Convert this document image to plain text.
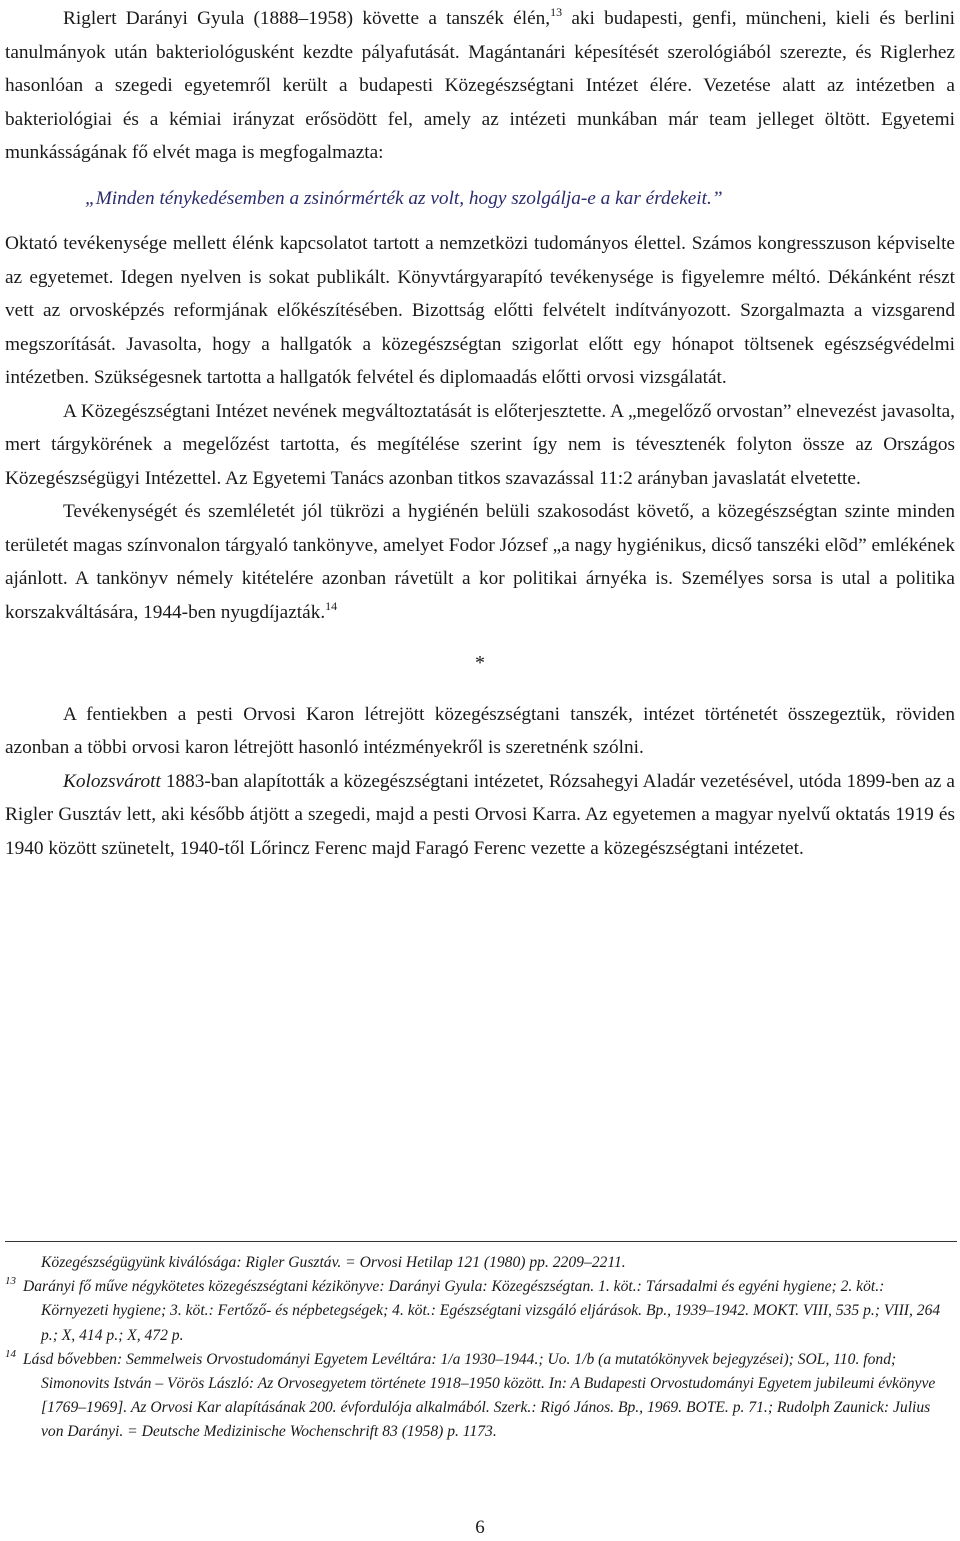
Riglert Darányi Gyula (1888–1958) követte a tanszék élén,$^{13}$ aki budapesti, genfi, müncheni, kieli és berlini tanulmányok után bakteriológusként kezdte pályafutását. Magántanári képesítését szerológiából szerezte, és Riglerhez hasonlóan a szegedi egyetemről került a budapesti Közegészségtani Intézet élére. Vezetése alatt az intézetben a bakteriológiai és a kémiai irányzat erősödött fel, amely az intézeti munkában már team jelleget öltött. Egyetemi munkásságának fő elvét maga is megfogalmazta:

„Minden ténykedésemben a zsinórmérték az volt, hogy szolgálja-e a kar érdekeit.”

Oktató tevékenysége mellett élénk kapcsolatot tartott a nemzetközi tudományos élettel. Számos kongresszuson képviselte az egyetemet. Idegen nyelven is sokat publikált. Könyvtárgyarapító tevékenysége is figyelemre méltó. Dékánként részt vett az orvosképzés reformjának előkészítésében. Bizottság előtti felvételt indítványozott. Szorgalmazta a vizsgarend megszorítását. Javasolta, hogy a hallgatók a közegészségtan szigorlat előtt egy hónapot töltsenek egészségvédelmi intézetben. Szükségesnek tartotta a hallgatók felvétel és diplomaadás előtti orvosi vizsgálatát.

A Közegészségtani Intézet nevének megváltoztatását is előterjesztette. A „megelőző orvostan” elnevezést javasolta, mert tárgykörének a megelőzést tartotta, és megítélése szerint így nem is tévesztenék folyton össze az Országos Közegészségügyi Intézettel. Az Egyetemi Tanács azonban titkos szavazással 11:2 arányban javaslatát elvetette.

Tevékenységét és szemléletét jól tükrözi a hygiénén belüli szakosodást követő, a közegészségtan szinte minden területét magas színvonalon tárgyaló tankönyve, amelyet Fodor József „a nagy hygiénikus, dicső tanszéki elõd” emlékének ajánlott. A tankönyv némely kitételére azonban rávetült a kor politikai árnyéka is. Személyes sorsa is utal a politika korszakváltására, 1944-ben nyugdíjazták.$^{14}$

*

A fentiekben a pesti Orvosi Karon létrejött közegészségtani tanszék, intézet történetét összegeztük, röviden azonban a többi orvosi karon létrejött hasonló intézményekről is szeretnénk szólni.

Kolozsvárott 1883-ban alapították a közegészségtani intézetet, Rózsahegyi Aladár vezetésével, utóda 1899-ben az a Rigler Gusztáv lett, aki később átjött a szegedi, majd a pesti Orvosi Karra. Az egyetemen a magyar nyelvű oktatás 1919 és 1940 között szünetelt, 1940-től Lőrincz Ferenc majd Faragó Ferenc vezette a közegészségtani intézetet.

Közegészségügyünk kiválósága: Rigler Gusztáv. = Orvosi Hetilap 121 (1980) pp. 2209–2211.

13 Darányi fő műve négykötetes közegészségtani kézikönyve: Darányi Gyula: Közegészségtan. 1. köt.: Társadalmi és egyéni hygiene; 2. köt.: Környezeti hygiene; 3. köt.: Fertőző- és népbetegségek; 4. köt.: Egészségtani vizsgáló eljárások. Bp., 1939–1942. MOKT. VIII, 535 p.; VIII, 264 p.; X, 414 p.; X, 472 p.

14 Lásd bővebben: Semmelweis Orvostudományi Egyetem Levéltára: 1/a 1930–1944.; Uo. 1/b (a mutatókönyvek bejegyzései); SOL, 110. fond; Simonovits István – Vörös László: Az Orvosegyetem története 1918–1950 között. In: A Budapesti Orvostudományi Egyetem jubileumi évkönyve [1769–1969]. Az Orvosi Kar alapításának 200. évfordulója alkalmából. Szerk.: Rigó János. Bp., 1969. BOTE. p. 71.; Rudolph Zaunick: Julius von Darányi. = Deutsche Medizinische Wochenschrift 83 (1958) p. 1173.

6
